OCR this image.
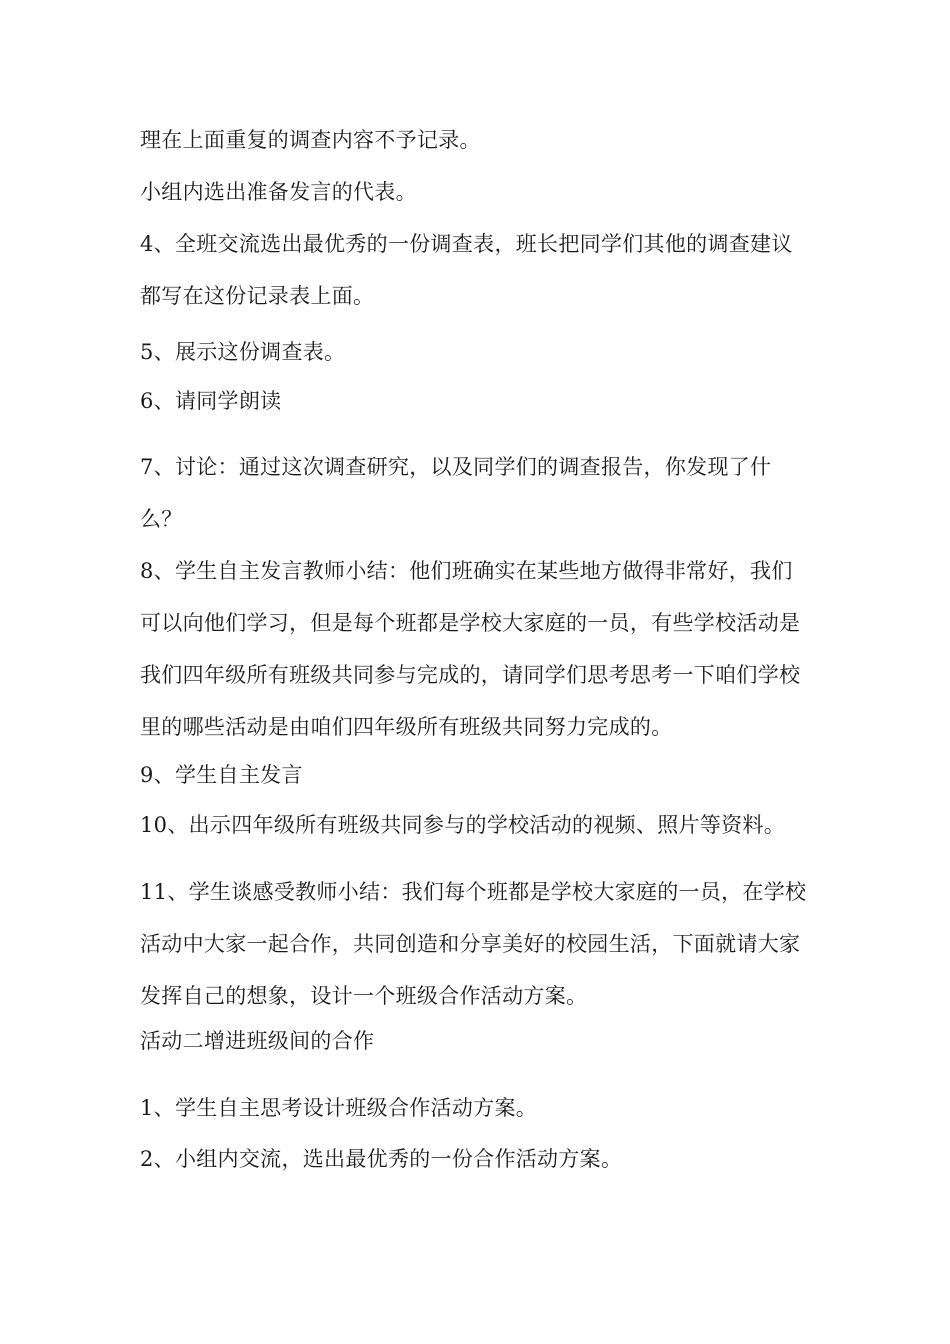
理在上面重复的调查内容不予记录。

小组内选出准备发言的代表。

4、全班交流选出最优秀的一份调查表，班长把同学们其他的调查建议都写在这份记录表上面。

5、展示这份调查表。

6、请同学朗读

7、讨论：通过这次调查研究，以及同学们的调查报告，你发现了什么？

8、学生自主发言教师小结：他们班确实在某些地方做得非常好，我们可以向他们学习，但是每个班都是学校大家庭的一员，有些学校活动是我们四年级所有班级共同参与完成的，请同学们思考思考一下咱们学校里的哪些活动是由咱们四年级所有班级共同努力完成的。

9、学生自主发言

10、出示四年级所有班级共同参与的学校活动的视频、照片等资料。

11、学生谈感受教师小结：我们每个班都是学校大家庭的一员，在学校活动中大家一起合作，共同创造和分享美好的校园生活，下面就请大家发挥自己的想象，设计一个班级合作活动方案。

活动二增进班级间的合作

1、学生自主思考设计班级合作活动方案。

2、小组内交流，选出最优秀的一份合作活动方案。
